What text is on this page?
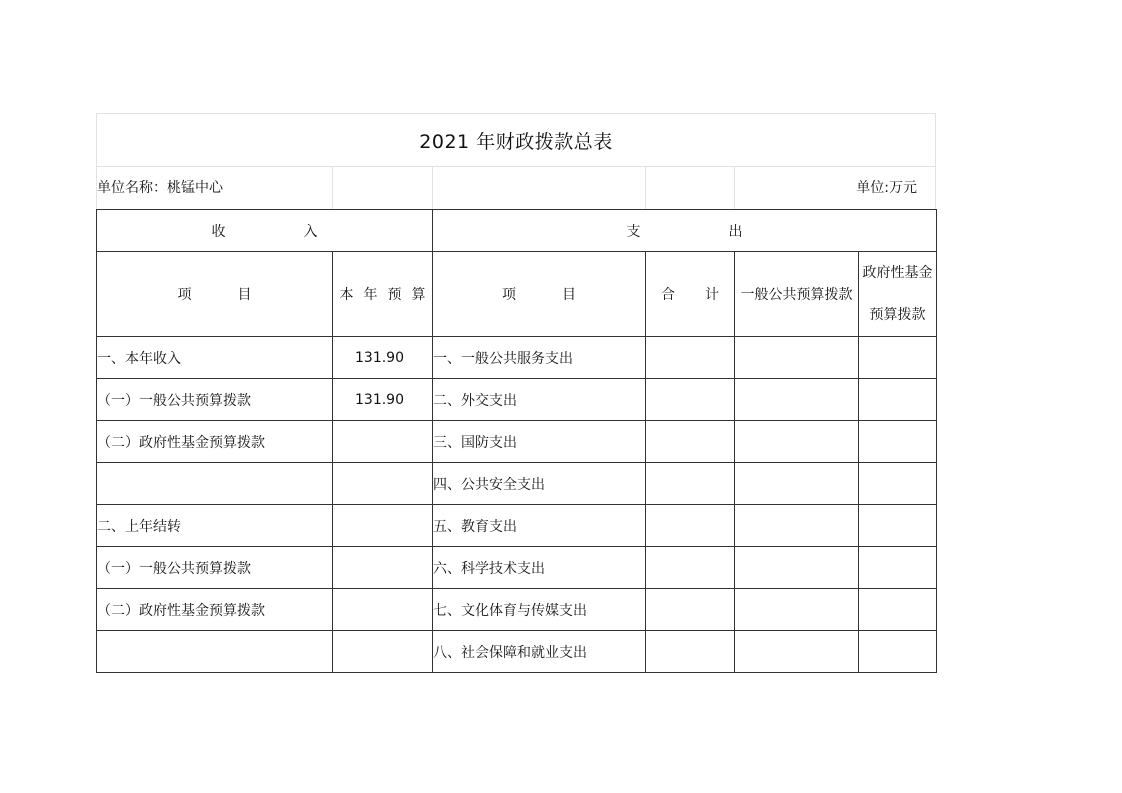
2021 年财政拨款总表
单位名称：桃锰中心	单位:万元
收 入		支 出			
项 目	本 年 预 算	项 目	合 计	一般公共预算拨款	政府性基金
预算拨款

一、本年收入	131.90	一、一般公共服务支出			
（一）一般公共预算拨款	131.90	二、外交支出			
（二）政府性基金预算拨款		三、国防支出			
		四、公共安全支出			
二、上年结转		五、教育支出			
（一）一般公共预算拨款		六、科学技术支出			
（二）政府性基金预算拨款		七、文化体育与传媒支出			
		八、社会保障和就业支出			
